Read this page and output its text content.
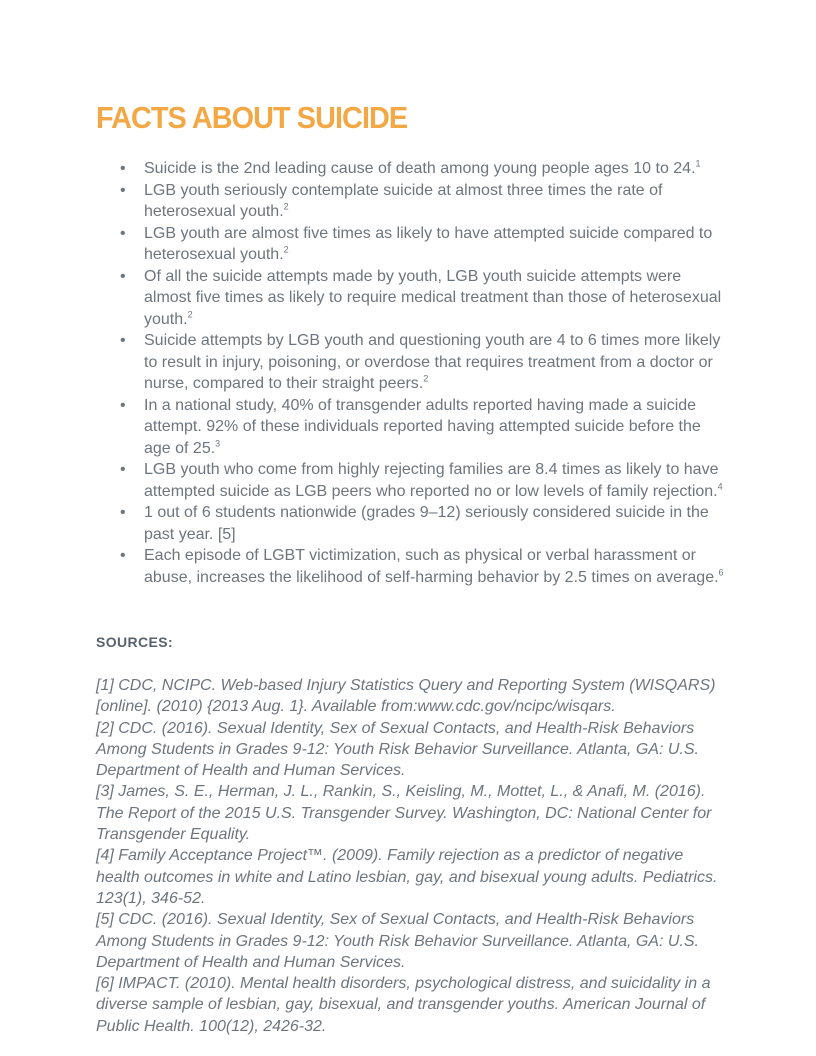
FACTS ABOUT SUICIDE
• Suicide is the 2nd leading cause of death among young people ages 10 to 24.$^1$
• LGB youth seriously contemplate suicide at almost three times the rate of heterosexual youth.$^2$
• LGB youth are almost five times as likely to have attempted suicide compared to heterosexual youth.$^2$
• Of all the suicide attempts made by youth, LGB youth suicide attempts were almost five times as likely to require medical treatment than those of heterosexual youth.$^2$
• Suicide attempts by LGB youth and questioning youth are 4 to 6 times more likely to result in injury, poisoning, or overdose that requires treatment from a doctor or nurse, compared to their straight peers.$^2$
• In a national study, 40% of transgender adults reported having made a suicide attempt. 92% of these individuals reported having attempted suicide before the age of 25.$^3$
• LGB youth who come from highly rejecting families are 8.4 times as likely to have attempted suicide as LGB peers who reported no or low levels of family rejection.$^4$
• 1 out of 6 students nationwide (grades 9–12) seriously considered suicide in the past year. [5]
• Each episode of LGBT victimization, such as physical or verbal harassment or abuse, increases the likelihood of self-harming behavior by 2.5 times on average.$^6$
SOURCES:

[1] CDC, NCIPC. Web-based Injury Statistics Query and Reporting System (WISQARS) [online]. (2010) {2013 Aug. 1}. Available from:www.cdc.gov/ncipc/wisqars.

[2] CDC. (2016). Sexual Identity, Sex of Sexual Contacts, and Health-Risk Behaviors Among Students in Grades 9-12: Youth Risk Behavior Surveillance. Atlanta, GA: U.S. Department of Health and Human Services.

[3] James, S. E., Herman, J. L., Rankin, S., Keisling, M., Mottet, L., & Anafi, M. (2016). The Report of the 2015 U.S. Transgender Survey. Washington, DC: National Center for Transgender Equality.

[4] Family Acceptance Project™. (2009). Family rejection as a predictor of negative health outcomes in white and Latino lesbian, gay, and bisexual young adults. Pediatrics. 123(1), 346-52.

[5] CDC. (2016). Sexual Identity, Sex of Sexual Contacts, and Health-Risk Behaviors Among Students in Grades 9-12: Youth Risk Behavior Surveillance. Atlanta, GA: U.S. Department of Health and Human Services.

[6] IMPACT. (2010). Mental health disorders, psychological distress, and suicidality in a diverse sample of lesbian, gay, bisexual, and transgender youths. American Journal of Public Health. 100(12), 2426-32.
